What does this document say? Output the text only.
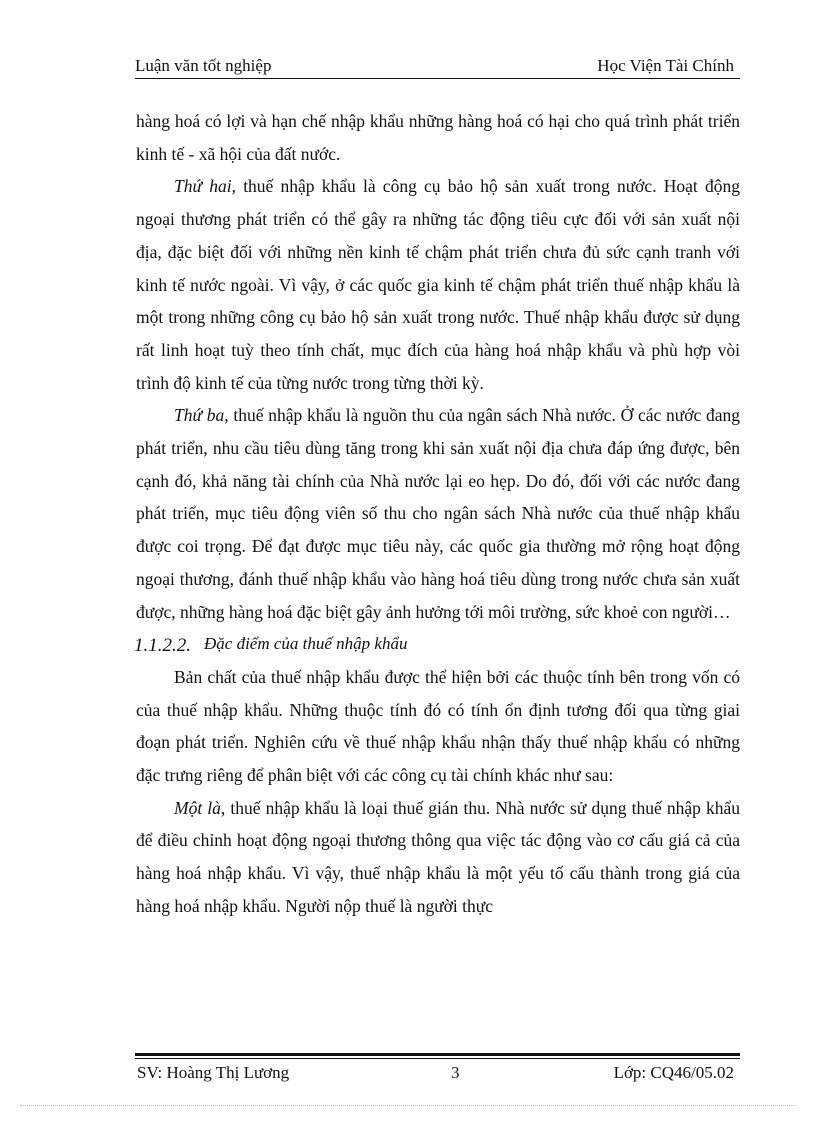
Luận văn tốt nghiệp	Học Viện Tài Chính

hàng hoá có lợi và hạn chế nhập khẩu những hàng hoá có hại cho quá trình phát triển kinh tế - xã hội của đất nước.

Thứ hai, thuế nhập khẩu là công cụ bảo hộ sản xuất trong nước. Hoạt động ngoại thương phát triển có thể gây ra những tác động tiêu cực đối với sản xuất nội địa, đặc biệt đối với những nền kinh tế chậm phát triển chưa đủ sức cạnh tranh với kinh tế nước ngoài. Vì vậy, ở các quốc gia kinh tế chậm phát triển thuế nhập khẩu là một trong những công cụ bảo hộ sản xuất trong nước. Thuế nhập khẩu được sử dụng rất linh hoạt tuỳ theo tính chất, mục đích của hàng hoá nhập khẩu và phù hợp vòi trình độ kinh tế của từng nước trong từng thời kỳ.

Thứ ba, thuế nhập khẩu là nguồn thu của ngân sách Nhà nước. Ở các nước đang phát triển, nhu cầu tiêu dùng tăng trong khi sản xuất nội địa chưa đáp ứng được, bên cạnh đó, khả năng tài chính của Nhà nước lại eo hẹp. Do đó, đối với các nước đang phát triển, mục tiêu động viên số thu cho ngân sách Nhà nước của thuế nhập khẩu được coi trọng. Để đạt được mục tiêu này, các quốc gia thường mở rộng hoạt động ngoại thương, đánh thuế nhập khẩu vào hàng hoá tiêu dùng trong nước chưa sản xuất được, những hàng hoá đặc biệt gây ảnh hưởng tới môi trường, sức khoẻ con người…

1.1.2.2. Đặc điểm của thuế nhập khẩu

Bản chất của thuế nhập khẩu được thể hiện bởi các thuộc tính bên trong vốn có của thuế nhập khẩu. Những thuộc tính đó có tính ổn định tương đối qua từng giai đoạn phát triển. Nghiên cứu về thuế nhập khẩu nhận thấy thuế nhập khẩu có những đặc trưng riêng để phân biệt với các công cụ tài chính khác như sau:

Một là, thuế nhập khẩu là loại thuế gián thu. Nhà nước sử dụng thuế nhập khẩu để điều chỉnh hoạt động ngoại thương thông qua việc tác động vào cơ cấu giá cả của hàng hoá nhập khẩu. Vì vậy, thuế nhập khẩu là một yếu tố cấu thành trong giá của hàng hoá nhập khẩu. Người nộp thuế là người thực

SV: Hoàng Thị Lương	3	Lớp: CQ46/05.02
